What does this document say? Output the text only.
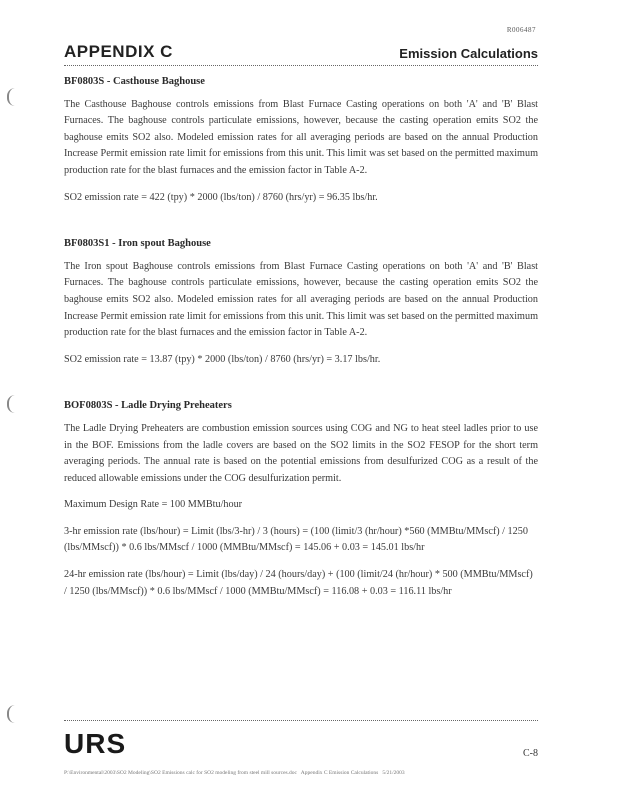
R006487
APPENDIX C	Emission Calculations
BF0803S - Casthouse Baghouse

The Casthouse Baghouse controls emissions from Blast Furnace Casting operations on both 'A' and 'B' Blast Furnaces. The baghouse controls particulate emissions, however, because the casting operation emits SO2 the baghouse emits SO2 also. Modeled emission rates for all averaging periods are based on the annual Production Increase Permit emission rate limit for emissions from this unit. This limit was set based on the permitted maximum production rate for the blast furnaces and the emission factor in Table A-2.

SO2 emission rate = 422 (tpy) * 2000 (lbs/ton) / 8760 (hrs/yr) = 96.35 lbs/hr.
BF0803S1 - Iron spout Baghouse

The Iron spout Baghouse controls emissions from Blast Furnace Casting operations on both 'A' and 'B' Blast Furnaces. The baghouse controls particulate emissions, however, because the casting operation emits SO2 the baghouse emits SO2 also. Modeled emission rates for all averaging periods are based on the annual Production Increase Permit emission rate limit for emissions from this unit. This limit was set based on the permitted maximum production rate for the blast furnaces and the emission factor in Table A-2.

SO2 emission rate = 13.87 (tpy) * 2000 (lbs/ton) / 8760 (hrs/yr) = 3.17 lbs/hr.
BOF0803S - Ladle Drying Preheaters

The Ladle Drying Preheaters are combustion emission sources using COG and NG to heat steel ladles prior to use in the BOF. Emissions from the ladle covers are based on the SO2 limits in the SO2 FESOP for the short term averaging periods. The annual rate is based on the potential emissions from desulfurized COG as a result of the reduced allowable emissions under the COG desulfurization permit.

Maximum Design Rate = 100 MMBtu/hour
3-hr emission rate (lbs/hour) = Limit (lbs/3-hr) / 3 (hours) = (100 (limit/3 (hr/hour) *560 (MMBtu/MMscf) / 1250 (lbs/MMscf)) * 0.6 lbs/MMscf / 1000 (MMBtu/MMscf) = 145.06 + 0.03 = 145.01 lbs/hr
24-hr emission rate (lbs/hour) = Limit (lbs/day) / 24 (hours/day) + (100 (limit/24 (hr/hour) * 500 (MMBtu/MMscf) / 1250 (lbs/MMscf)) * 0.6 lbs/MMscf / 1000 (MMBtu/MMscf) = 116.08 + 0.03 = 116.11 lbs/hr
URS	C-8
P:\Environmental\2003\SO2 Modeling\SO2 Emissions calc for SO2 modeling from steel mill sources.doc   Appendix C Emission Calculations   5/21/2003
